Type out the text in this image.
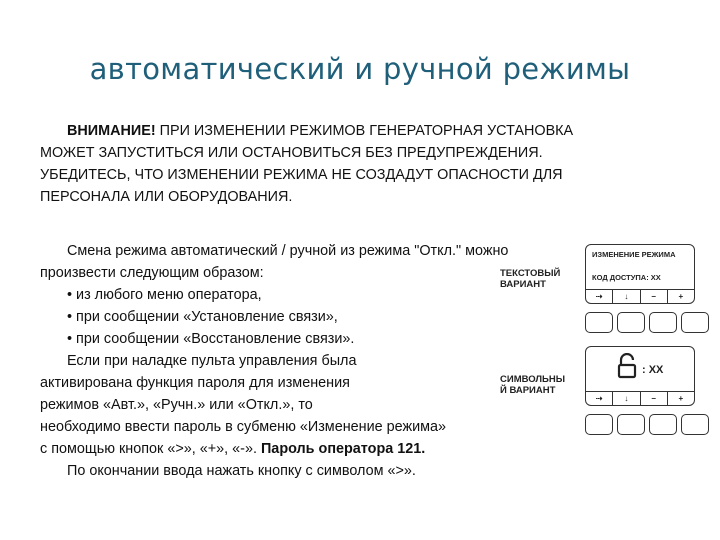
автоматический и ручной режимы
ВНИМАНИЕ! ПРИ ИЗМЕНЕНИИ РЕЖИМОВ ГЕНЕРАТОРНАЯ УСТАНОВКА
МОЖЕТ ЗАПУСТИТЬСЯ ИЛИ ОСТАНОВИТЬСЯ БЕЗ ПРЕДУПРЕЖДЕНИЯ.
УБЕДИТЕСЬ, ЧТО ИЗМЕНЕНИИ РЕЖИМА НЕ СОЗДАДУТ ОПАСНОСТИ ДЛЯ
ПЕРСОНАЛА ИЛИ ОБОРУДОВАНИЯ.
Смена режима автоматический / ручной из режима "Откл." можно
произвести следующим образом:
• из любого меню оператора,
• при сообщении «Установление связи»,
• при сообщении «Восстановление связи».
Если при наладке пульта управления была
активирована функция пароля для изменения
режимов «Авт.», «Ручн.» или «Откл.», то
необходимо ввести пароль в субменю «Изменение режима»
с помощью кнопок «>», «+», «-». Пароль оператора 121.
По окончании ввода нажать кнопку с символом «>».
ТЕКСТОВЫЙ
ВАРИАНТ
ИЗМЕНЕНИЕ РЕЖИМА
КОД ДОСТУПА: XX
⇢	↓	−	+
СИМВОЛЬНЫ
Й ВАРИАНТ
: XX
⇢	↓	−	+
